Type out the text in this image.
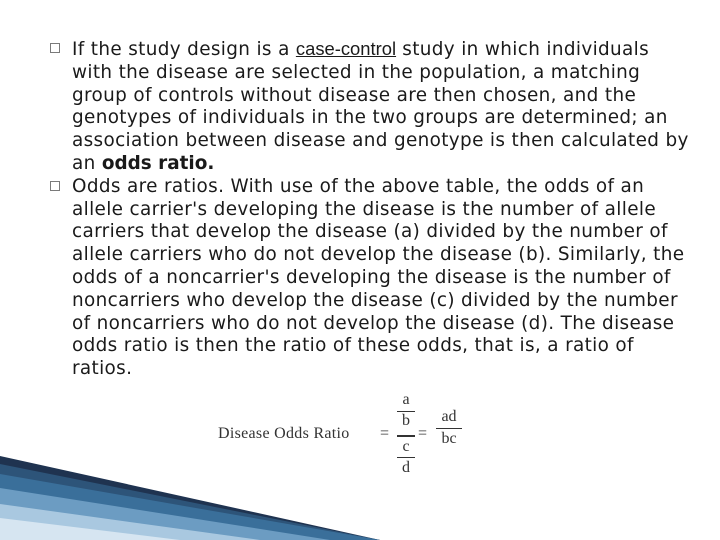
If the study design is a case-control study in which individuals with the disease are selected in the population, a matching group of controls without disease are then chosen, and the genotypes of individuals in the two groups are determined; an association between disease and genotype is then calculated by an odds ratio.

Odds are ratios. With use of the above table, the odds of an allele carrier's developing the disease is the number of allele carriers that develop the disease (a) divided by the number of allele carriers who do not develop the disease (b). Similarly, the odds of a noncarrier's developing the disease is the number of noncarriers who develop the disease (c) divided by the number of noncarriers who do not develop the disease (d). The disease odds ratio is then the ratio of these odds, that is, a ratio of ratios.

Disease Odds Ratio =
a
b
c
d
=
ad
bc
